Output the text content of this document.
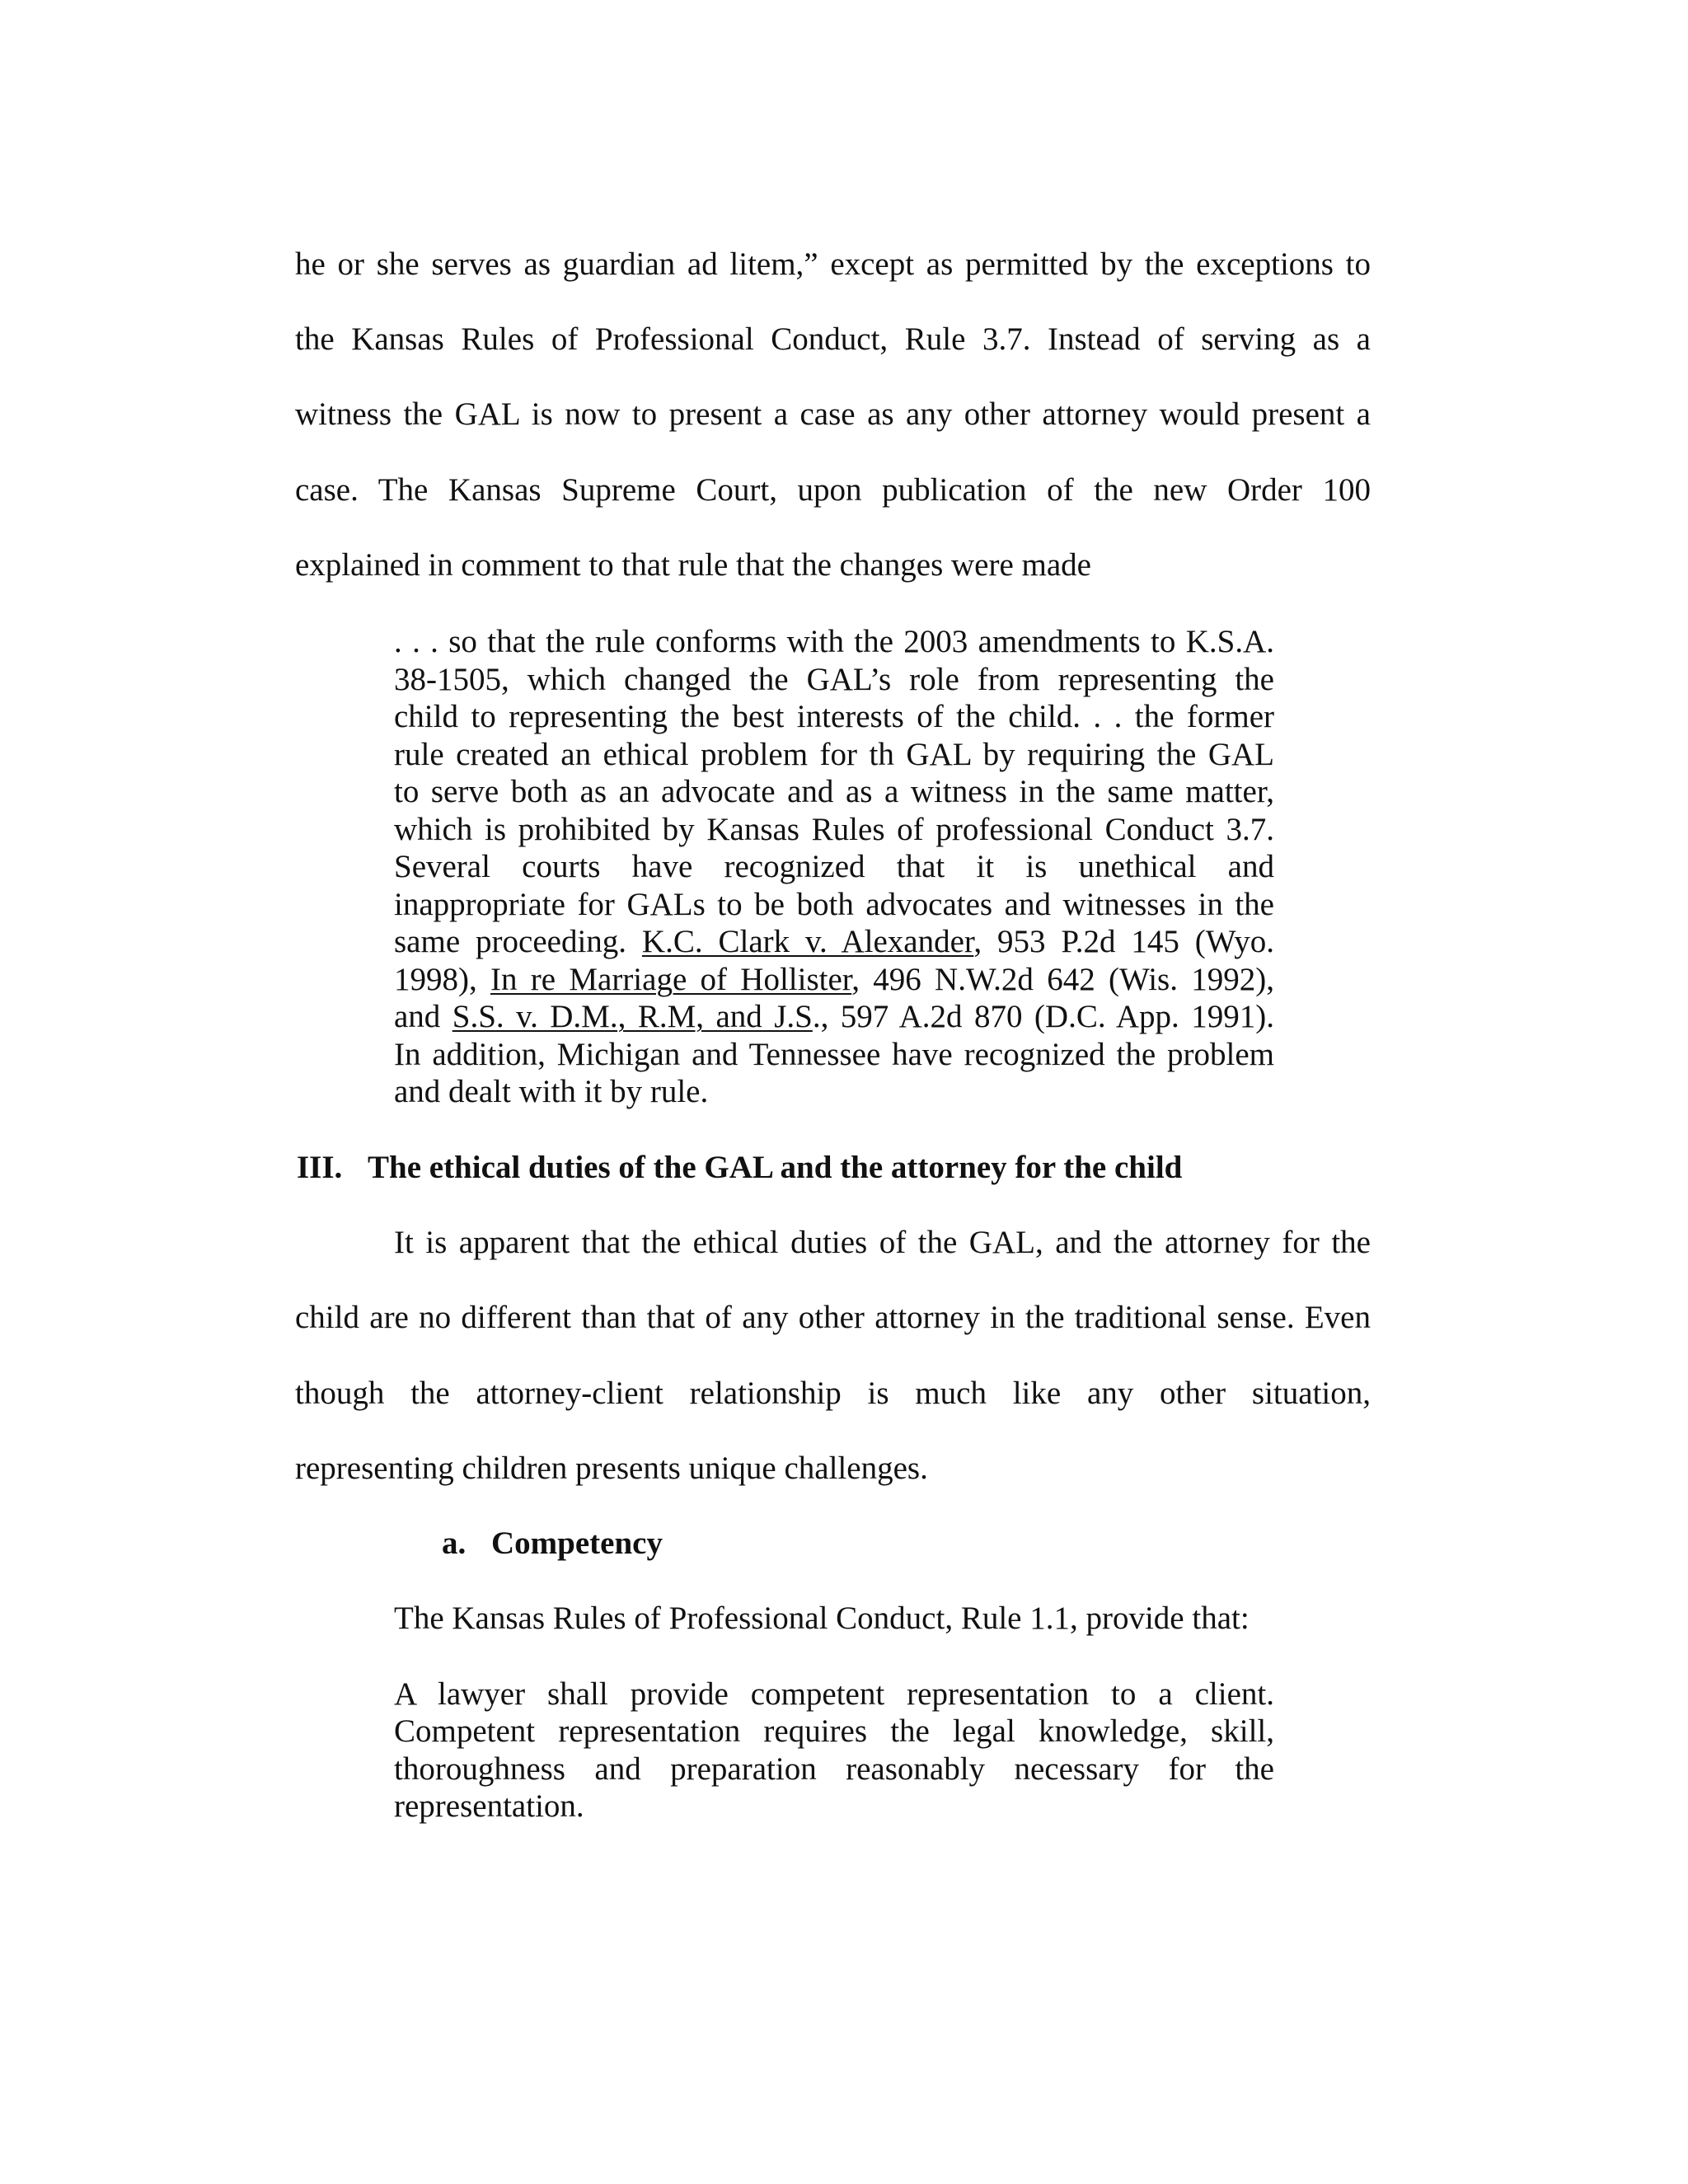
he or she serves as guardian ad litem,” except as permitted by the exceptions to
the Kansas Rules of Professional Conduct, Rule 3.7. Instead of serving as a
witness the GAL is now to present a case as any other attorney would present a
case. The Kansas Supreme Court, upon publication of the new Order 100
explained in comment to that rule that the changes were made
. . . so that the rule conforms with the 2003 amendments to K.S.A.
38-1505, which changed the GAL’s role from representing the
child to representing the best interests of the child. . . the former
rule created an ethical problem for th GAL by requiring the GAL
to serve both as an advocate and as a witness in the same matter,
which is prohibited by Kansas Rules of professional Conduct 3.7.
Several courts have recognized that it is unethical and
inappropriate for GALs to be both advocates and witnesses in the
same proceeding. K.C. Clark v. Alexander, 953 P.2d 145 (Wyo.
1998), In re Marriage of Hollister, 496 N.W.2d 642 (Wis. 1992),
and S.S. v. D.M., R.M, and J.S., 597 A.2d 870 (D.C. App. 1991).
In addition, Michigan and Tennessee have recognized the problem
and dealt with it by rule.
III. The ethical duties of the GAL and the attorney for the child
It is apparent that the ethical duties of the GAL, and the attorney for the
child are no different than that of any other attorney in the traditional sense. Even
though the attorney-client relationship is much like any other situation,
representing children presents unique challenges.
a. Competency
The Kansas Rules of Professional Conduct, Rule 1.1, provide that:
A lawyer shall provide competent representation to a client.
Competent representation requires the legal knowledge, skill,
thoroughness and preparation reasonably necessary for the
representation.
